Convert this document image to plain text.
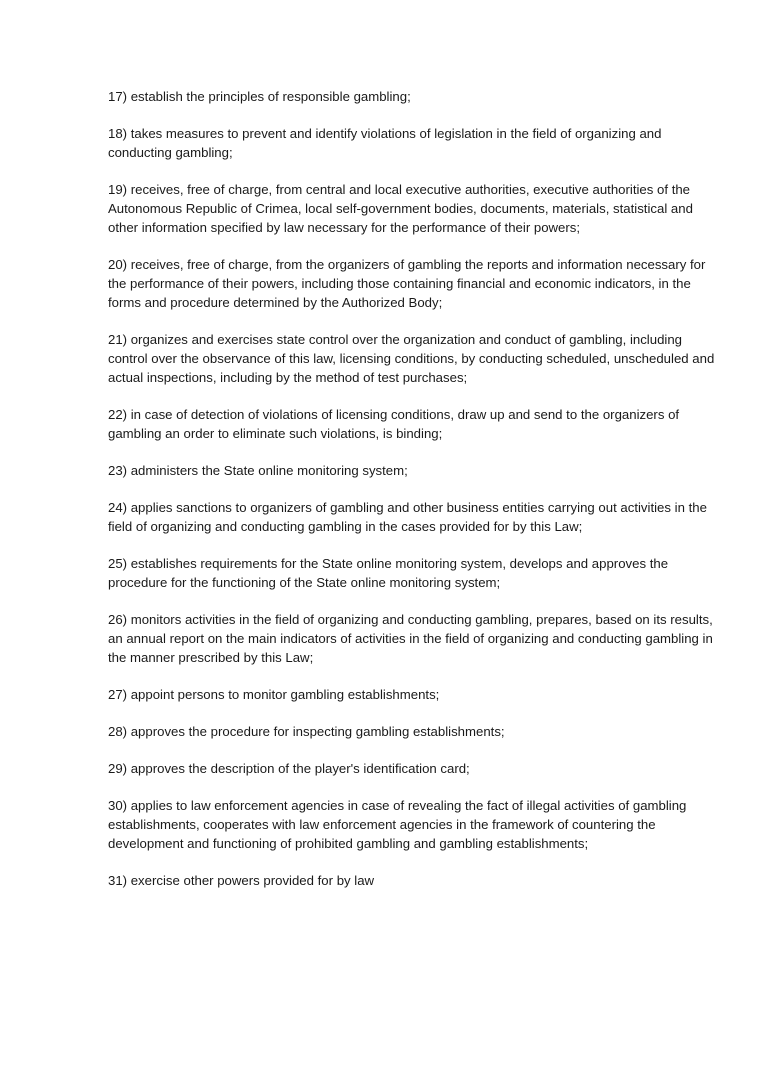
17) establish the principles of responsible gambling;

18) takes measures to prevent and identify violations of legislation in the field of organizing and conducting gambling;

19) receives, free of charge, from central and local executive authorities, executive authorities of the Autonomous Republic of Crimea, local self-government bodies, documents, materials, statistical and other information specified by law necessary for the performance of their powers;

20) receives, free of charge, from the organizers of gambling the reports and information necessary for the performance of their powers, including those containing financial and economic indicators, in the forms and procedure determined by the Authorized Body;

21) organizes and exercises state control over the organization and conduct of gambling, including control over the observance of this law, licensing conditions, by conducting scheduled, unscheduled and actual inspections, including by the method of test purchases;

22) in case of detection of violations of licensing conditions, draw up and send to the organizers of gambling an order to eliminate such violations, is binding;

23) administers the State online monitoring system;

24) applies sanctions to organizers of gambling and other business entities carrying out activities in the field of organizing and conducting gambling in the cases provided for by this Law;

25) establishes requirements for the State online monitoring system, develops and approves the procedure for the functioning of the State online monitoring system;

26) monitors activities in the field of organizing and conducting gambling, prepares, based on its results, an annual report on the main indicators of activities in the field of organizing and conducting gambling in the manner prescribed by this Law;

27) appoint persons to monitor gambling establishments;

28) approves the procedure for inspecting gambling establishments;

29) approves the description of the player's identification card;

30) applies to law enforcement agencies in case of revealing the fact of illegal activities of gambling establishments, cooperates with law enforcement agencies in the framework of countering the development and functioning of prohibited gambling and gambling establishments;

31) exercise other powers provided for by law
